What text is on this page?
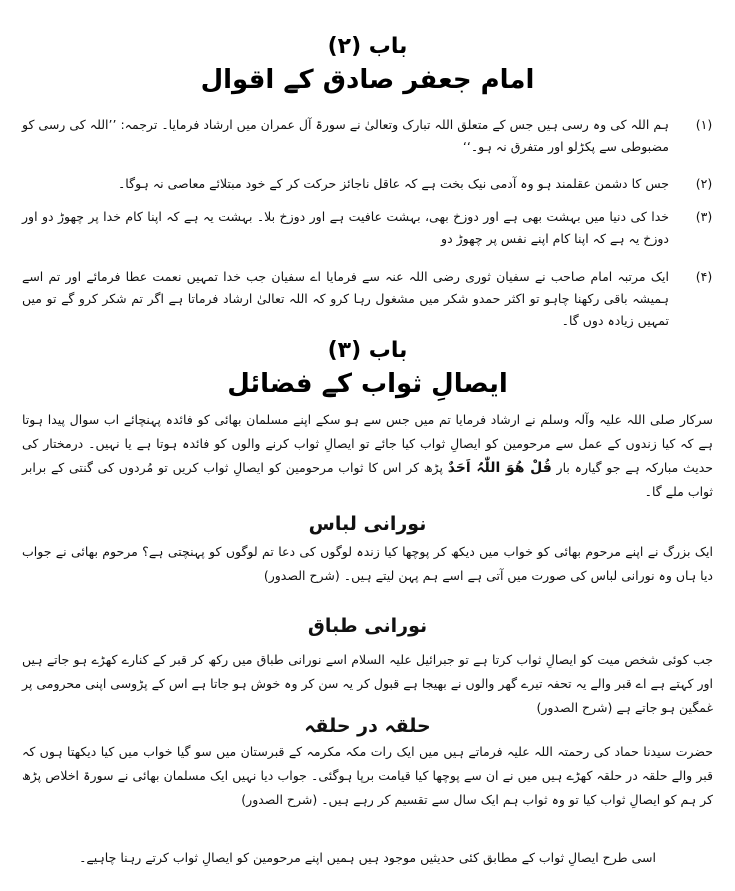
باب (۲)
امام جعفر صادق کے اقوال
(۱)
ہم اللہ کی وہ رسی ہیں جس کے متعلق اللہ تبارک وتعالیٰ نے سورۃ آل عمران میں ارشاد فرمایا۔ ترجمہ: ’’اللہ کی رسی کو مضبوطی سے پکڑلو اور متفرق نہ ہو۔‘‘
(۲)
جس کا دشمن عقلمند ہو وہ آدمی نیک بخت ہے کہ عاقل ناجائز حرکت کر کے خود مبتلائے معاصی نہ ہوگا۔
(۳)
خدا کی دنیا میں بہشت بھی ہے اور دوزخ بھی، بہشت عافیت ہے اور دوزخ بلا۔ بہشت یہ ہے کہ اپنا کام خدا پر چھوڑ دو اور دوزخ یہ ہے کہ اپنا کام اپنے نفس پر چھوڑ دو
(۴)
ایک مرتبہ امام صاحب نے سفیان ثوری رضی اللہ عنہ سے فرمایا اے سفیان جب خدا تمہیں نعمت عطا فرمائے اور تم اسے ہمیشہ باقی رکھنا چاہو تو اکثر حمدو شکر میں مشغول رہا کرو کہ اللہ تعالیٰ ارشاد فرماتا ہے اگر تم شکر کرو گے تو میں تمہیں زیادہ دوں گا۔
باب (۳)
ایصالِ ثواب کے فضائل
سرکار صلی اللہ علیہ وآلہ وسلم نے ارشاد فرمایا تم میں جس سے ہو سکے اپنے مسلمان بھائی کو فائدہ پہنچائے اب سوال پیدا ہوتا ہے کہ کیا زندوں کے عمل سے مرحومین کو ایصالِ ثواب کیا جائے تو ایصالِ ثواب کرنے والوں کو فائدہ ہوتا ہے یا نہیں۔ درمختار کی حدیث مبارکہ ہے جو گیارہ بار قُلْ ھُوَ اللّٰہُ اَحَدٌ پڑھ کر اس کا ثواب مرحومین کو ایصالِ ثواب کریں تو مُردوں کی گنتی کے برابر ثواب ملے گا۔
نورانی لباس
ایک بزرگ نے اپنے مرحوم بھائی کو خواب میں دیکھ کر پوچھا کیا زندہ لوگوں کی دعا تم لوگوں کو پہنچتی ہے؟ مرحوم بھائی نے جواب دیا ہاں وہ نورانی لباس کی صورت میں آتی ہے اسے ہم پہن لیتے ہیں۔ (شرح الصدور)
نورانی طباق
جب کوئی شخص میت کو ایصالِ ثواب کرتا ہے تو جبرائیل علیہ السلام اسے نورانی طباق میں رکھ کر قبر کے کنارے کھڑے ہو جاتے ہیں اور کہتے ہے اے قبر والے یہ تحفہ تیرے گھر والوں نے بھیجا ہے قبول کر یہ سن کر وہ خوش ہو جاتا ہے اس کے پڑوسی اپنی محرومی پر غمگین ہو جاتے ہے (شرح الصدور)
حلقہ در حلقہ
حضرت سیدنا حماد کی رحمتہ اللہ علیہ فرماتے ہیں میں ایک رات مکہ مکرمہ کے قبرستان میں سو گیا خواب میں کیا دیکھتا ہوں کہ قبر والے حلقہ در حلقہ کھڑے ہیں میں نے ان سے پوچھا کیا قیامت برپا ہوگئی۔ جواب دیا نہیں ایک مسلمان بھائی نے سورۃ اخلاص پڑھ کر ہم کو ایصالِ ثواب کیا تو وہ ثواب ہم ایک سال سے تقسیم کر رہے ہیں۔ (شرح الصدور)
اسی طرح ایصالِ ثواب کے مطابق کئی حدیثیں موجود ہیں ہمیں اپنے مرحومین کو ایصالِ ثواب کرتے رہنا چاہیے۔
